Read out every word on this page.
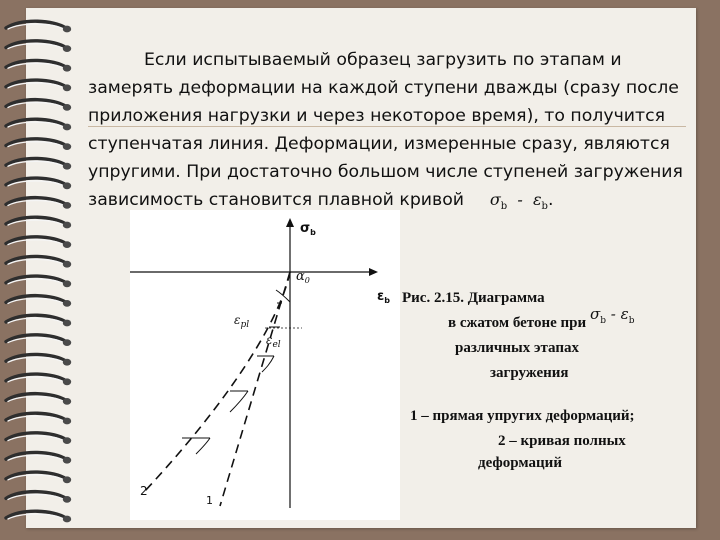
Если испытываемый образец загрузить по этапам и замерять деформации на каждой ступени дважды (сразу после приложения нагрузки и через некоторое время), то получится ступенчатая линия. Деформации, измеренные сразу, являются упругими. При достаточно большом числе ступеней загружения зависимость становится плавной кривой $\sigma_b - \varepsilon_b$.
$\sigma_b$
$\varepsilon_b$
$\alpha_0$
$\varepsilon_{pl}$
$\varepsilon_{el}$
2
1
Рис. 2.15. Диаграмма
в сжатом бетоне при
различных этапах
загружения
$\sigma_b - \varepsilon_b$
1 – прямая упругих деформаций;
2 – кривая полных
деформаций
